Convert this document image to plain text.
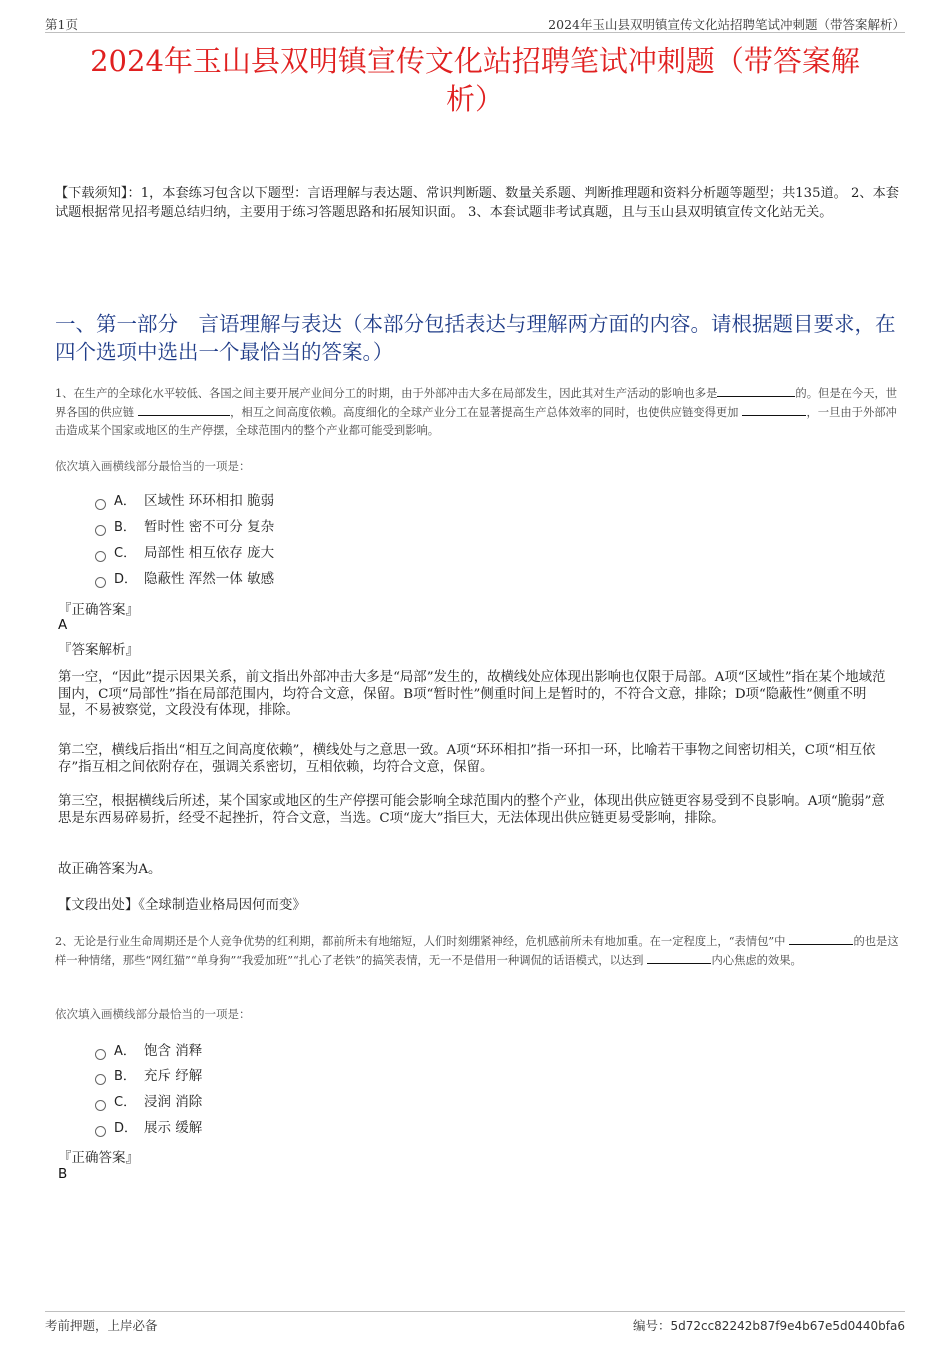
第1页	2024年玉山县双明镇宣传文化站招聘笔试冲刺题（带答案解析）
2024年玉山县双明镇宣传文化站招聘笔试冲刺题（带答案解
析）
【下载须知】：1，本套练习包含以下题型：言语理解与表达题、常识判断题、数量关系题、判断推理题和资料分析题等题型；共135道。 2、本套试题根据常见招考题总结归纳，主要用于练习答题思路和拓展知识面。 3、本套试题非考试真题，且与玉山县双明镇宣传文化站无关。
一、第一部分　言语理解与表达（本部分包括表达与理解两方面的内容。请根据题目要求，在四个选项中选出一个最恰当的答案。）
1、在生产的全球化水平较低、各国之间主要开展产业间分工的时期，由于外部冲击大多在局部发生，因此其对生产活动的影响也多是	的。但是在今天，世界各国的供应链	，相互之间高度依赖。高度细化的全球产业分工在显著提高生产总体效率的同时，也使供应链变得更加	，一旦由于外部冲击造成某个国家或地区的生产停摆，全球范围内的整个产业都可能受到影响。
依次填入画横线部分最恰当的一项是：
A． 区域性 环环相扣 脆弱
B． 暂时性 密不可分 复杂
C． 局部性 相互依存 庞大
D． 隐蔽性 浑然一体 敏感
『正确答案』
A
『答案解析』
第一空，“因此”提示因果关系，前文指出外部冲击大多是“局部”发生的，故横线处应体现出影响也仅限于局部。A项“区域性”指在某个地域范围内，C项“局部性”指在局部范围内，均符合文意，保留。B项“暂时性”侧重时间上是暂时的，不符合文意，排除；D项“隐蔽性”侧重不明显，不易被察觉，文段没有体现，排除。
第二空，横线后指出“相互之间高度依赖”，横线处与之意思一致。A项“环环相扣”指一环扣一环，比喻若干事物之间密切相关，C项“相互依存”指互相之间依附存在，强调关系密切，互相依赖，均符合文意，保留。
第三空，根据横线后所述，某个国家或地区的生产停摆可能会影响全球范围内的整个产业，体现出供应链更容易受到不良影响。A项“脆弱”意思是东西易碎易折，经受不起挫折，符合文意，当选。C项“庞大”指巨大，无法体现出供应链更易受影响，排除。
故正确答案为A。
【文段出处】《全球制造业格局因何而变》
2、无论是行业生命周期还是个人竞争优势的红利期，都前所未有地缩短，人们时刻绷紧神经，危机感前所未有地加重。在一定程度上，“表情包”中	的也是这样一种情绪，那些“网红猫”“单身狗”“我爱加班”“扎心了老铁”的搞笑表情，无一不是借用一种调侃的话语模式，以达到	内心焦虑的效果。
依次填入画横线部分最恰当的一项是：
A． 饱含 消释
B． 充斥 纾解
C． 浸润 消除
D． 展示 缓解
『正确答案』
B
考前押题，上岸必备	编号：5d72cc82242b87f9e4b67e5d0440bfa6
